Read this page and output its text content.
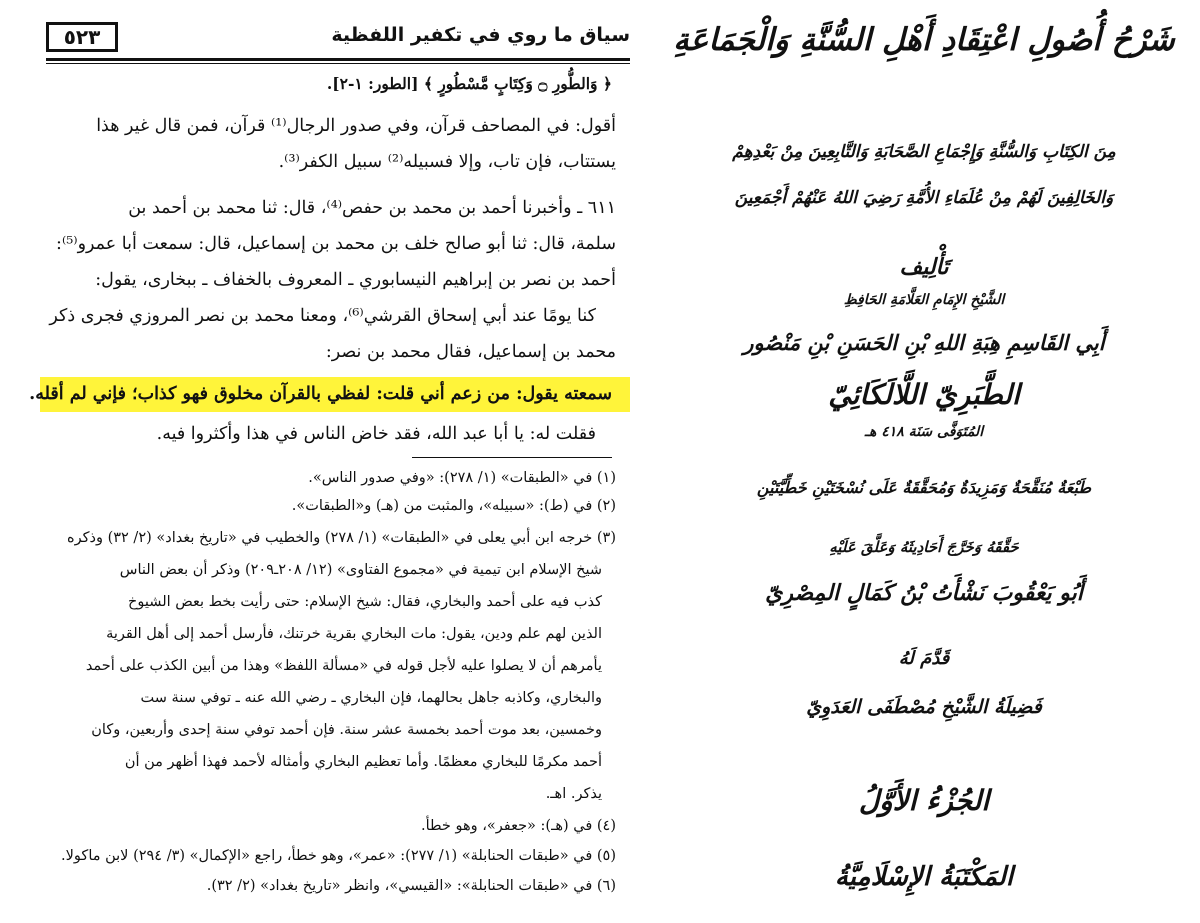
سياق ما روي في تكفير اللفظية
٥٢٣
﴿ وَالطُّورِ ۝ وَكِتَابٍ مَّسْطُورٍ ﴾ [الطور: ١-٢].
أقول: في المصاحف قرآن، وفي صدور الرجال⁽¹⁾ قرآن، فمن قال غير هذا
يستتاب، فإن تاب، وإلا فسبيله⁽²⁾ سبيل الكفر⁽³⁾.
٦١١ ـ وأخبرنا أحمد بن محمد بن حفص⁽⁴⁾، قال: ثنا محمد بن أحمد بن
سلمة، قال: ثنا أبو صالح خلف بن محمد بن إسماعيل، قال: سمعت أبا عمرو⁽⁵⁾:
أحمد بن نصر بن إبراهيم النيسابوري ـ المعروف بالخفاف ـ ببخارى، يقول:
كنا يومًا عند أبي إسحاق القرشي⁽⁶⁾، ومعنا محمد بن نصر المروزي فجرى ذكر
محمد بن إسماعيل، فقال محمد بن نصر:
سمعته يقول: من زعم أني قلت: لفظي بالقرآن مخلوق فهو كذاب؛ فإني لم أقله.
فقلت له: يا أبا عبد الله، فقد خاض الناس في هذا وأكثروا فيه.
(١) في «الطبقات» (١/ ٢٧٨): «وفي صدور الناس».
(٢) في (ط): «سبيله»، والمثبت من (هـ) و«الطبقات».
(٣) خرجه ابن أبي يعلى في «الطبقات» (١/ ٢٧٨) والخطيب في «تاريخ بغداد» (٢/ ٣٢) وذكره
شيخ الإسلام ابن تيمية في «مجموع الفتاوى» (١٢/ ٢٠٨ـ٢٠٩) وذكر أن بعض الناس
كذب فيه على أحمد والبخاري، فقال: شيخ الإسلام: حتى رأيت بخط بعض الشيوخ
الذين لهم علم ودين، يقول: مات البخاري بقرية خرتنك، فأرسل أحمد إلى أهل القرية
يأمرهم أن لا يصلوا عليه لأجل قوله في «مسألة اللفظ» وهذا من أبين الكذب على أحمد
والبخاري، وكاذبه جاهل بحالهما، فإن البخاري ـ رضي الله عنه ـ توفي سنة ست
وخمسين، بعد موت أحمد بخمسة عشر سنة. فإن أحمد توفي سنة إحدى وأربعين، وكان
أحمد مكرمًا للبخاري معظمًا. وأما تعظيم البخاري وأمثاله لأحمد فهذا أظهر من أن
يذكر. اهـ.
(٤) في (هـ): «جعفر»، وهو خطأ.
(٥) في «طبقات الحنابلة» (١/ ٢٧٧): «عمر»، وهو خطأ، راجع «الإكمال» (٣/ ٢٩٤) لابن ماكولا.
(٦) في «طبقات الحنابلة»: «القيسي»، وانظر «تاريخ بغداد» (٢/ ٣٢).
شَرْحُ أُصُولِ اعْتِقَادِ أَهْلِ السُّنَّةِ وَالْجَمَاعَةِ
مِنَ الكِتَابِ وَالسُّنَّةِ وَإِجْمَاعِ الصَّحَابَةِ وَالتَّابِعِينَ مِنْ بَعْدِهِمْ
وَالخَالِفِينَ لَهُمْ مِنْ عُلَمَاءِ الأُمَّةِ رَضِيَ اللهُ عَنْهُمْ أَجْمَعِينَ
تَأْلِيف
الشَّيْخِ الإِمَامِ العَلَّامَةِ الحَافِظِ
أَبِي القَاسِمِ هِبَةِ اللهِ بْنِ الحَسَنِ بْنِ مَنْصُور
الطَّبَرِيّ اللَّالَكَائِيّ
المُتَوَفَّى سَنَة ٤١٨ هـ
طَبْعَةٌ مُنَقَّحَةٌ وَمَزِيدَةٌ وَمُحَقَّقَةٌ عَلَى نُسْخَتَيْنِ خَطِّيَّتَيْنِ
حَقَّقَهُ وَخَرَّجَ أَحَادِيثَهُ وَعَلَّقَ عَلَيْهِ
أَبُو يَعْقُوبَ نَشْأَتُ بْنُ كَمَالٍ المِصْرِيّ
قَدَّمَ لَهُ
فَضِيلَةُ الشَّيْخِ مُصْطَفَى العَدَوِيّ
الجُزْءُ الأَوَّلُ
المَكْتَبَةُ الإِسْلَامِيَّةُ
